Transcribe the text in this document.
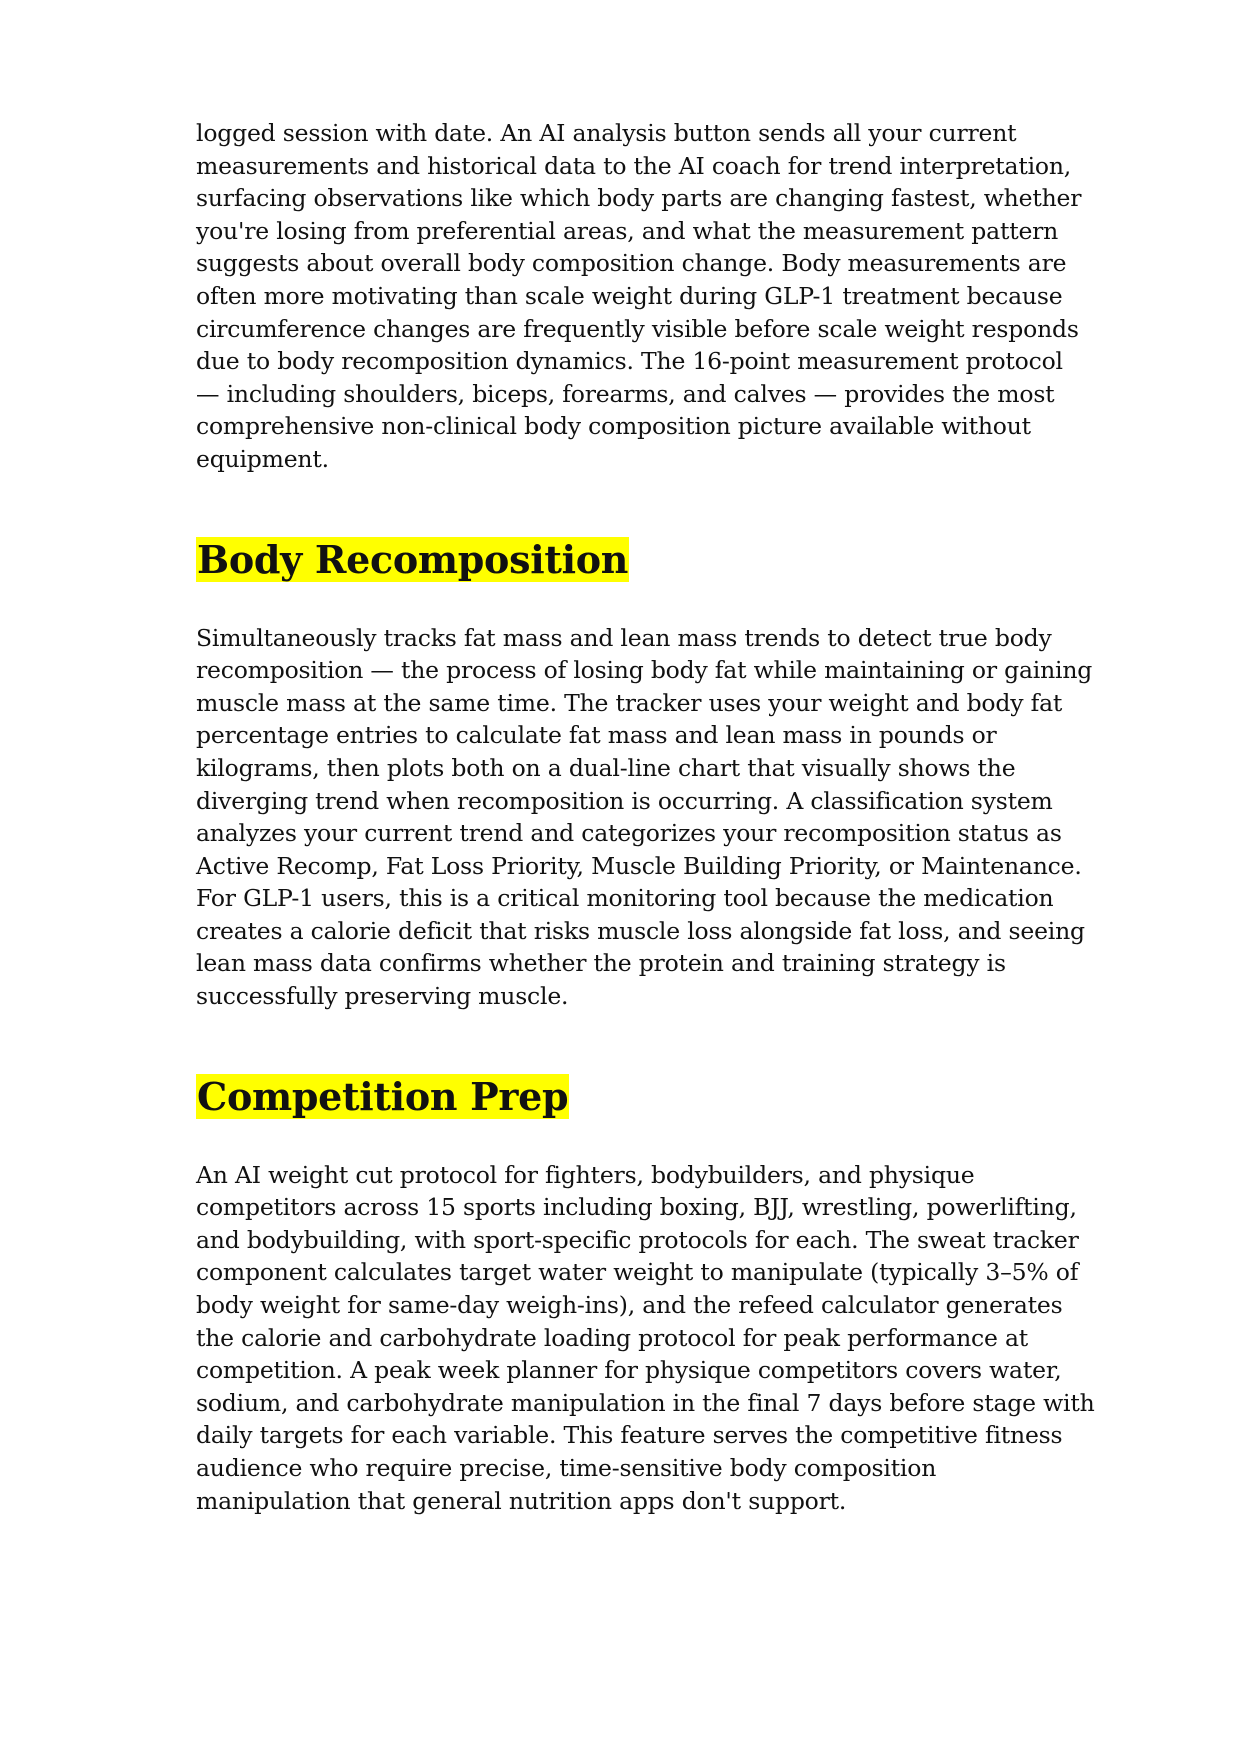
logged session with date. An AI analysis button sends all your current
measurements and historical data to the AI coach for trend interpretation,
surfacing observations like which body parts are changing fastest, whether
you're losing from preferential areas, and what the measurement pattern
suggests about overall body composition change. Body measurements are
often more motivating than scale weight during GLP-1 treatment because
circumference changes are frequently visible before scale weight responds
due to body recomposition dynamics. The 16-point measurement protocol
— including shoulders, biceps, forearms, and calves — provides the most
comprehensive non-clinical body composition picture available without
equipment.

Body Recomposition

Simultaneously tracks fat mass and lean mass trends to detect true body
recomposition — the process of losing body fat while maintaining or gaining
muscle mass at the same time. The tracker uses your weight and body fat
percentage entries to calculate fat mass and lean mass in pounds or
kilograms, then plots both on a dual-line chart that visually shows the
diverging trend when recomposition is occurring. A classification system
analyzes your current trend and categorizes your recomposition status as
Active Recomp, Fat Loss Priority, Muscle Building Priority, or Maintenance.
For GLP-1 users, this is a critical monitoring tool because the medication
creates a calorie deficit that risks muscle loss alongside fat loss, and seeing
lean mass data confirms whether the protein and training strategy is
successfully preserving muscle.

Competition Prep

An AI weight cut protocol for fighters, bodybuilders, and physique
competitors across 15 sports including boxing, BJJ, wrestling, powerlifting,
and bodybuilding, with sport-specific protocols for each. The sweat tracker
component calculates target water weight to manipulate (typically 3–5% of
body weight for same-day weigh-ins), and the refeed calculator generates
the calorie and carbohydrate loading protocol for peak performance at
competition. A peak week planner for physique competitors covers water,
sodium, and carbohydrate manipulation in the final 7 days before stage with
daily targets for each variable. This feature serves the competitive fitness
audience who require precise, time-sensitive body composition
manipulation that general nutrition apps don't support.
